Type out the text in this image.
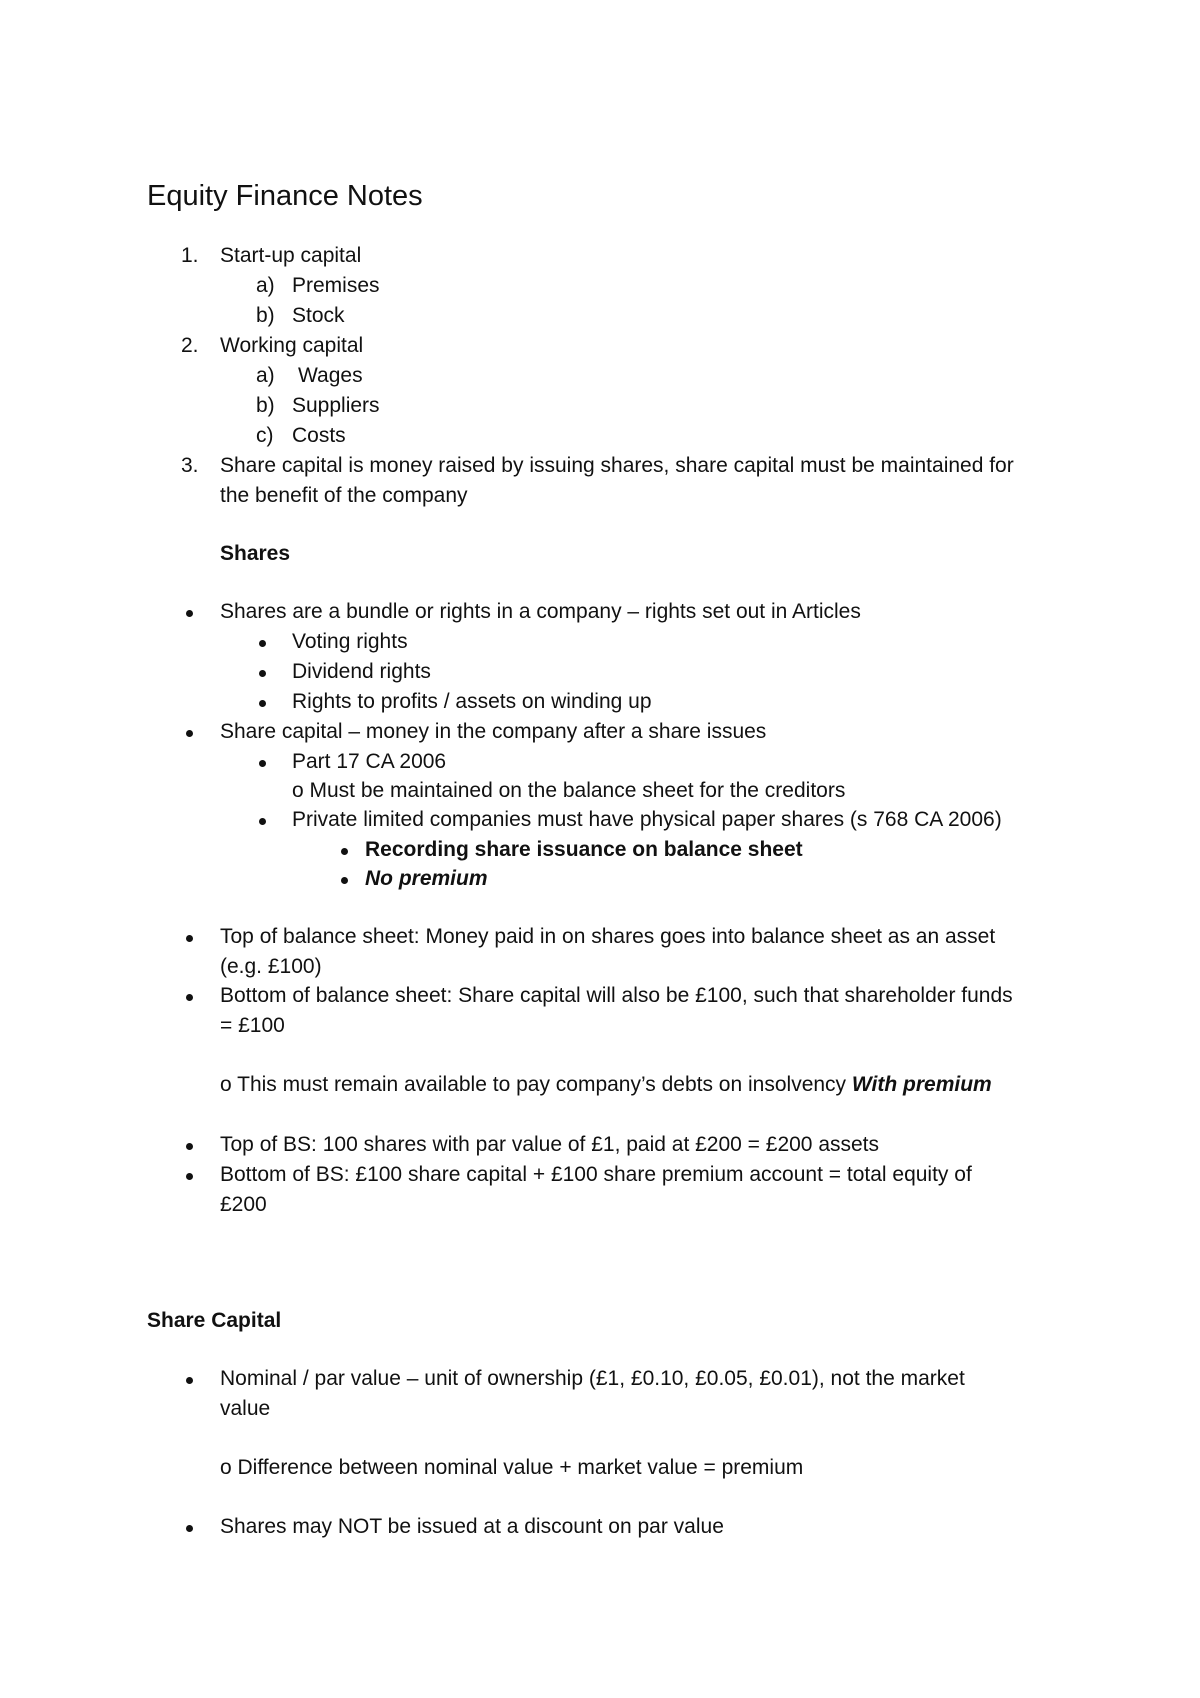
Equity Finance Notes
1. Start-up capital
a) Premises
b) Stock
2. Working capital
a) Wages
b) Suppliers
c) Costs
3. Share capital is money raised by issuing shares, share capital must be maintained for
the benefit of the company
Shares
Shares are a bundle or rights in a company – rights set out in Articles
Voting rights
Dividend rights
Rights to profits / assets on winding up
Share capital – money in the company after a share issues
Part 17 CA 2006
o Must be maintained on the balance sheet for the creditors
Private limited companies must have physical paper shares (s 768 CA 2006)
Recording share issuance on balance sheet
No premium
Top of balance sheet: Money paid in on shares goes into balance sheet as an asset
(e.g. £100)
Bottom of balance sheet: Share capital will also be £100, such that shareholder funds
= £100
o This must remain available to pay company’s debts on insolvency With premium
Top of BS: 100 shares with par value of £1, paid at £200 = £200 assets
Bottom of BS: £100 share capital + £100 share premium account = total equity of
£200
Share Capital
Nominal / par value – unit of ownership (£1, £0.10, £0.05, £0.01), not the market
value
o Difference between nominal value + market value = premium
Shares may NOT be issued at a discount on par value
